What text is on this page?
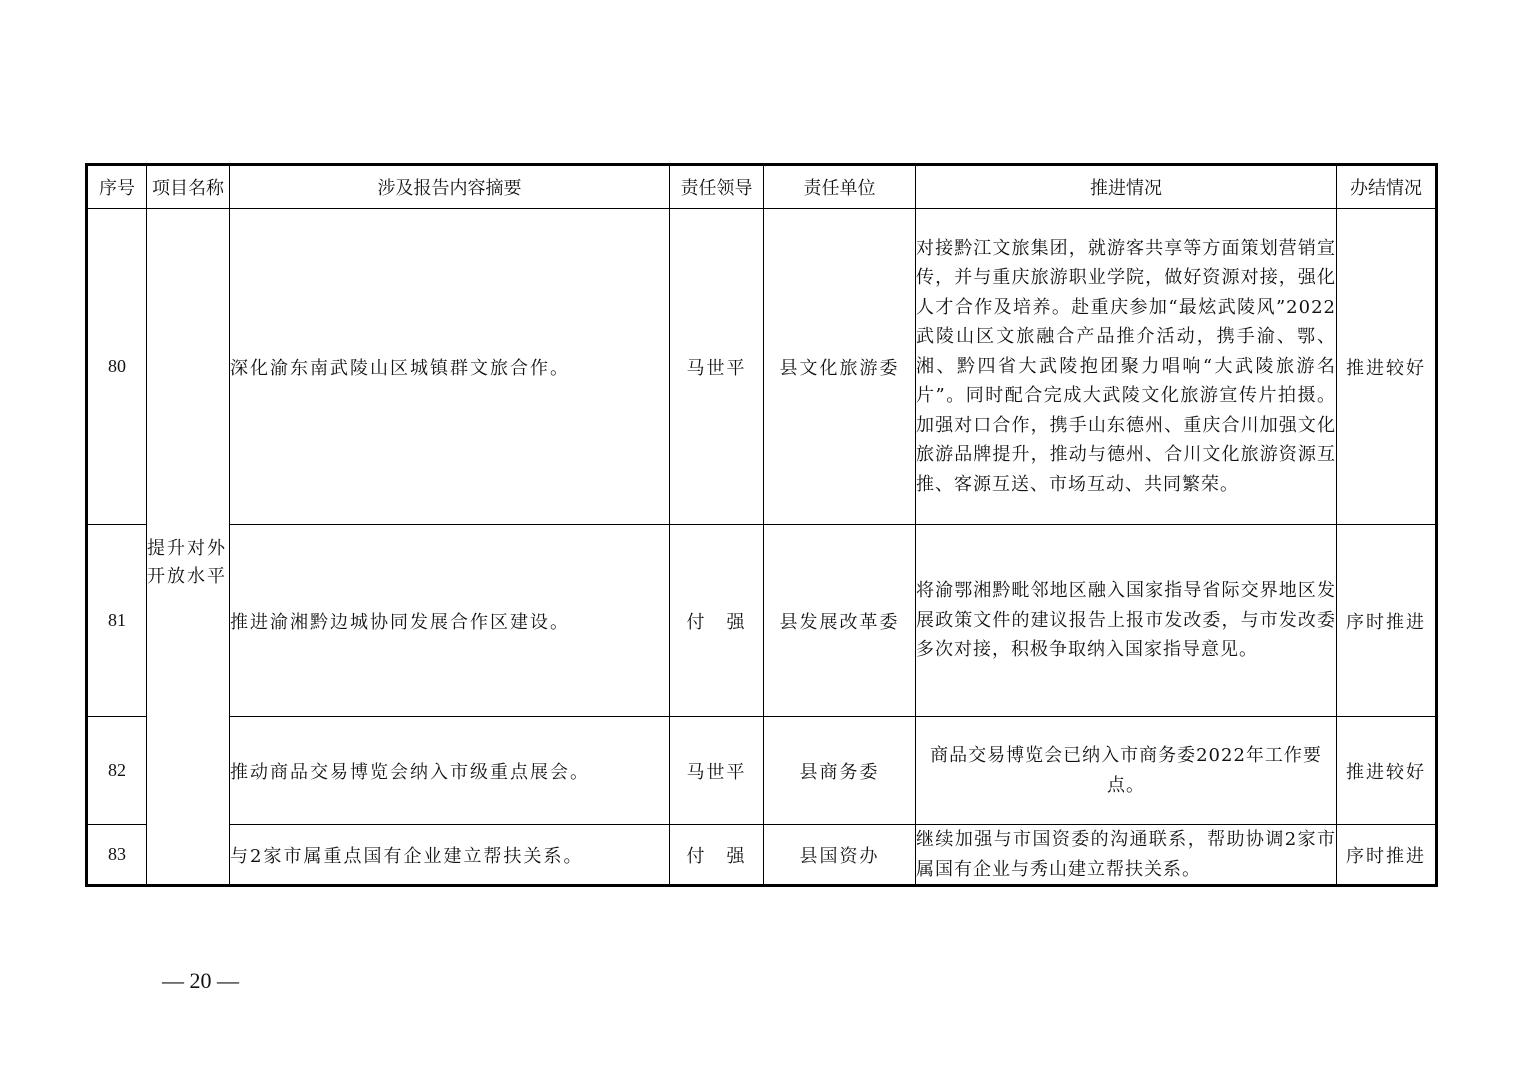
序号	项目名称	涉及报告内容摘要	责任领导	责任单位	推进情况	办结情况
80	提升对外开放水平	深化渝东南武陵山区城镇群文旅合作。	马世平	县文化旅游委	对接黔江文旅集团，就游客共享等方面策划营销宣传，并与重庆旅游职业学院，做好资源对接，强化人才合作及培养。赴重庆参加“最炫武陵风”2022武陵山区文旅融合产品推介活动，携手渝、鄂、湘、黔四省大武陵抱团聚力唱响“大武陵旅游名片”。同时配合完成大武陵文化旅游宣传片拍摄。加强对口合作，携手山东德州、重庆合川加强文化旅游品牌提升，推动与德州、合川文化旅游资源互推、客源互送、市场互动、共同繁荣。	推进较好
81		推进渝湘黔边城协同发展合作区建设。	付　强	县发展改革委	将渝鄂湘黔毗邻地区融入国家指导省际交界地区发展政策文件的建议报告上报市发改委，与市发改委多次对接，积极争取纳入国家指导意见。	序时推进
82		推动商品交易博览会纳入市级重点展会。	马世平	县商务委	商品交易博览会已纳入市商务委2022年工作要点。	推进较好
83		与2家市属重点国有企业建立帮扶关系。	付　强	县国资办	继续加强与市国资委的沟通联系，帮助协调2家市属国有企业与秀山建立帮扶关系。	序时推进
— 20 —
